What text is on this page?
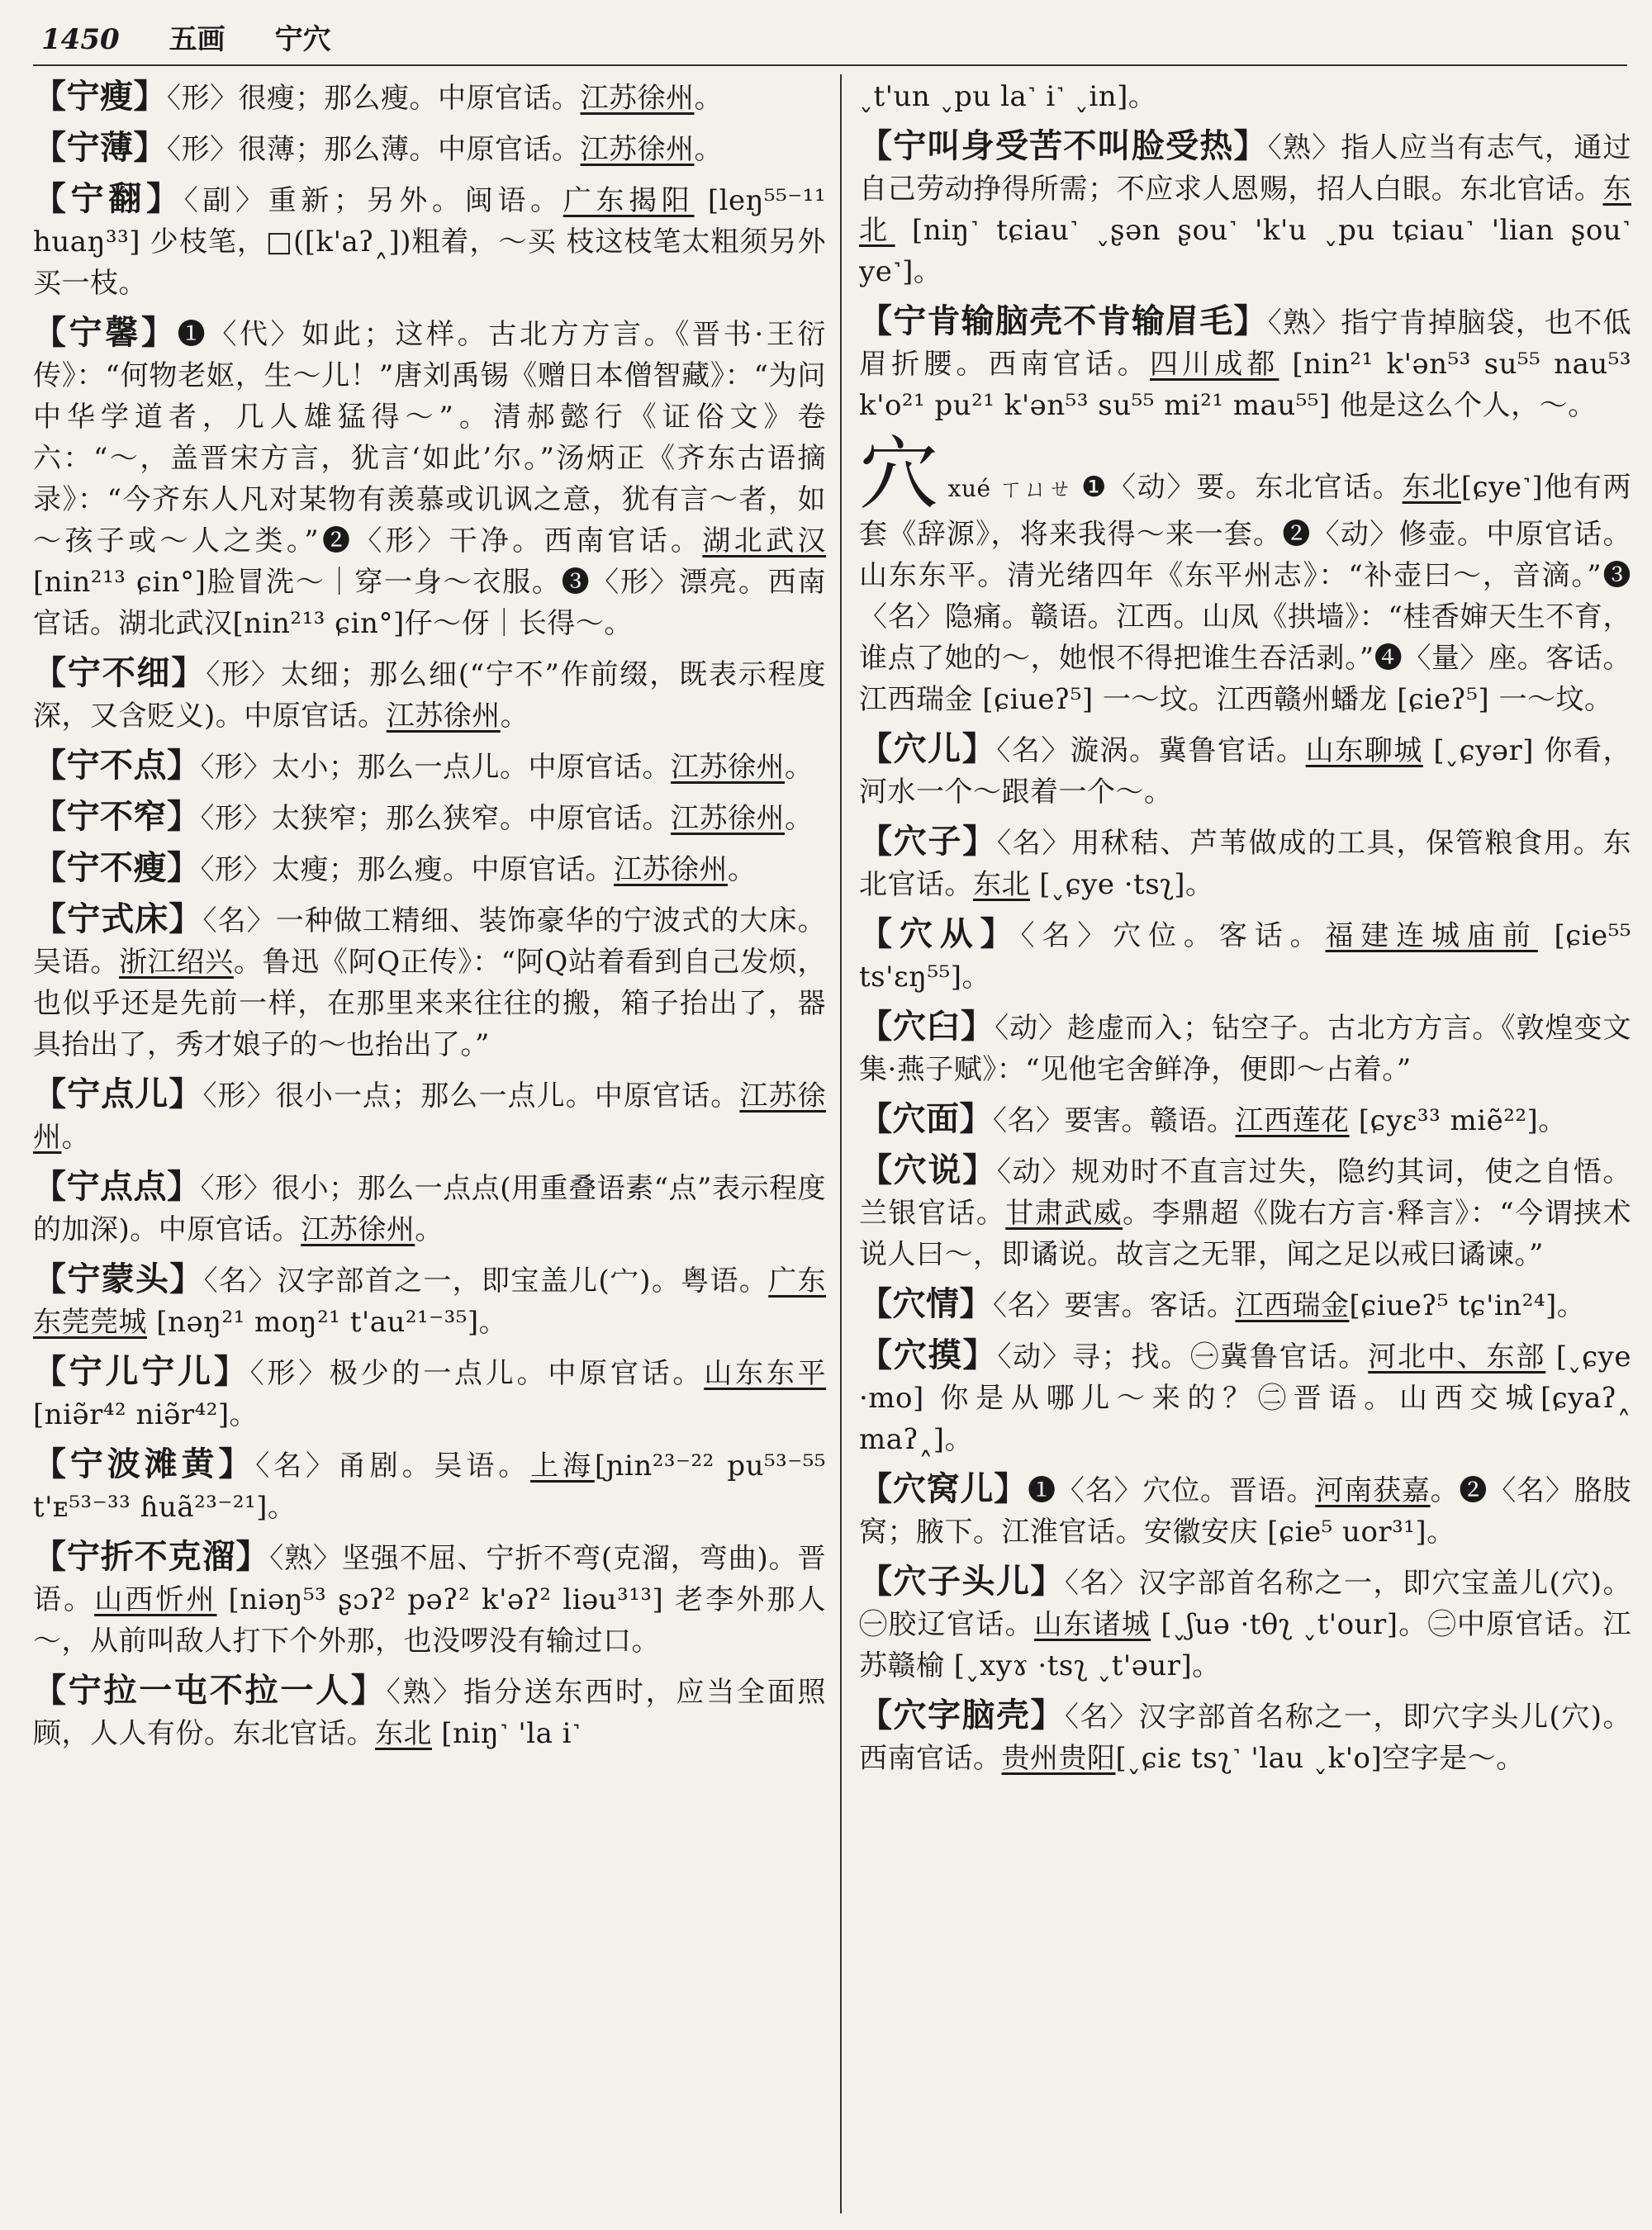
1450 五画 宁穴

【宁瘦】〈形〉很瘦；那么瘦。中原官话。江苏徐州。

【宁薄】〈形〉很薄；那么薄。中原官话。江苏徐州。

【宁翻】〈副〉重新；另外。闽语。广东揭阳 [leŋ⁵⁵⁻¹¹ huaŋ³³] 少枝笔，□([k'aʔ˰])粗着，～买 枝这枝笔太粗须另外买一枝。

【宁馨】❶〈代〉如此；这样。古北方方言。《晋书·王衍传》：“何物老妪，生～儿！”唐刘禹锡《赠日本僧智藏》：“为问中华学道者，几人雄猛得～”。清郝懿行《证俗文》卷六：“～，盖晋宋方言，犹言‘如此’尔。”汤炳正《齐东古语摘录》：“今齐东人凡对某物有羡慕或讥讽之意，犹有言～者，如～孩子或～人之类。”❷〈形〉干净。西南官话。湖北武汉 [nin²¹³ ɕin°]脸冒洗～｜穿一身～衣服。❸〈形〉漂亮。西南官话。湖北武汉[nin²¹³ ɕin°]仔～伢｜长得～。

【宁不细】〈形〉太细；那么细(“宁不”作前缀，既表示程度深，又含贬义)。中原官话。江苏徐州。

【宁不点】〈形〉太小；那么一点儿。中原官话。江苏徐州。

【宁不窄】〈形〉太狭窄；那么狭窄。中原官话。江苏徐州。

【宁不瘦】〈形〉太瘦；那么瘦。中原官话。江苏徐州。

【宁式床】〈名〉一种做工精细、装饰豪华的宁波式的大床。吴语。浙江绍兴。鲁迅《阿Q正传》：“阿Q站着看到自己发烦，也似乎还是先前一样，在那里来来往往的搬，箱子抬出了，器具抬出了，秀才娘子的～也抬出了。”

【宁点儿】〈形〉很小一点；那么一点儿。中原官话。江苏徐州。

【宁点点】〈形〉很小；那么一点点(用重叠语素“点”表示程度的加深)。中原官话。江苏徐州。

【宁蒙头】〈名〉汉字部首之一，即宝盖儿(宀)。粤语。广东东莞莞城 [nəŋ²¹ moŋ²¹ t'au²¹⁻³⁵]。

【宁儿宁儿】〈形〉极少的一点儿。中原官话。山东东平 [niə̃r⁴² niə̃r⁴²]。

【宁波滩黄】〈名〉甬剧。吴语。上海[ɲin²³⁻²² pu⁵³⁻⁵⁵ t'ᴇ⁵³⁻³³ ɦuã²³⁻²¹]。

【宁折不克溜】〈熟〉坚强不屈、宁折不弯(克溜，弯曲)。晋语。山西忻州 [niəŋ⁵³ ʂɔʔ² pəʔ² k'əʔ² liəu³¹³] 老李外那人～，从前叫敌人打下个外那，也没啰没有输过口。

【宁拉一屯不拉一人】〈熟〉指分送东西时，应当全面照顾，人人有份。东北官话。东北 [niŋ˺ 'la i˺

˯t'un ˯pu la˺ i˺ ˯in]。

【宁叫身受苦不叫脸受热】〈熟〉指人应当有志气，通过自己劳动挣得所需；不应求人恩赐，招人白眼。东北官话。东北 [niŋ˺ tɕiau˺ ˯ʂən ʂou˺ 'k'u ˯pu tɕiau˺ 'lian ʂou˺ ye˺]。

【宁肯输脑壳不肯输眉毛】〈熟〉指宁肯掉脑袋，也不低眉折腰。西南官话。四川成都 [nin²¹ k'ən⁵³ su⁵⁵ nau⁵³ k'o²¹ pu²¹ k'ən⁵³ su⁵⁵ mi²¹ mau⁵⁵] 他是这么个人，～。

穴xué ㄒㄩㄝ ❶〈动〉要。东北官话。东北[ɕye˺]他有两套《辞源》，将来我得～来一套。❷〈动〉修壶。中原官话。山东东平。清光绪四年《东平州志》：“补壶曰～，音滴。”❸〈名〉隐痛。赣语。江西。山凤《拱墙》：“桂香婶天生不育，谁点了她的～，她恨不得把谁生吞活剥。”❹〈量〉座。客话。江西瑞金 [ɕiueʔ⁵] 一～坟。江西赣州蟠龙 [ɕieʔ⁵] 一～坟。

【穴儿】〈名〉漩涡。冀鲁官话。山东聊城 [˯ɕyər] 你看，河水一个～跟着一个～。

【穴子】〈名〉用秫秸、芦苇做成的工具，保管粮食用。东北官话。东北 [˯ɕye ·tsʅ]。

【穴从】〈名〉穴位。客话。福建连城庙前 [ɕie⁵⁵ ts'ɛŋ⁵⁵]。

【穴臼】〈动〉趁虚而入；钻空子。古北方方言。《敦煌变文集·燕子赋》：“见他宅舍鲜净，便即～占着。”

【穴面】〈名〉要害。赣语。江西莲花 [ɕyɛ³³ miẽ²²]。

【穴说】〈动〉规劝时不直言过失，隐约其词，使之自悟。兰银官话。甘肃武威。李鼎超《陇右方言·释言》：“今谓挟术说人曰～，即谲说。故言之无罪，闻之足以戒曰谲谏。”

【穴情】〈名〉要害。客话。江西瑞金[ɕiueʔ⁵ tɕ'in²⁴]。

【穴摸】〈动〉寻；找。㊀冀鲁官话。河北中、东部 [˯ɕye ·mo] 你是从哪儿～来的？㊁晋语。山西交城[ɕyaʔ˰ maʔ˰]。

【穴窝儿】❶〈名〉穴位。晋语。河南获嘉。❷〈名〉胳肢窝；腋下。江淮官话。安徽安庆 [ɕie⁵ uor³¹]。

【穴子头儿】〈名〉汉字部首名称之一，即穴宝盖儿(穴)。㊀胶辽官话。山东诸城 [˯ʃuə ·tθʅ ˯t'our]。㊁中原官话。江苏赣榆 [˯xyɤ ·tsʅ ˯t'əur]。

【穴字脑壳】〈名〉汉字部首名称之一，即穴字头儿(穴)。西南官话。贵州贵阳[˯ɕiɛ tsʅ˺ 'lau ˯k'o]空字是～。
